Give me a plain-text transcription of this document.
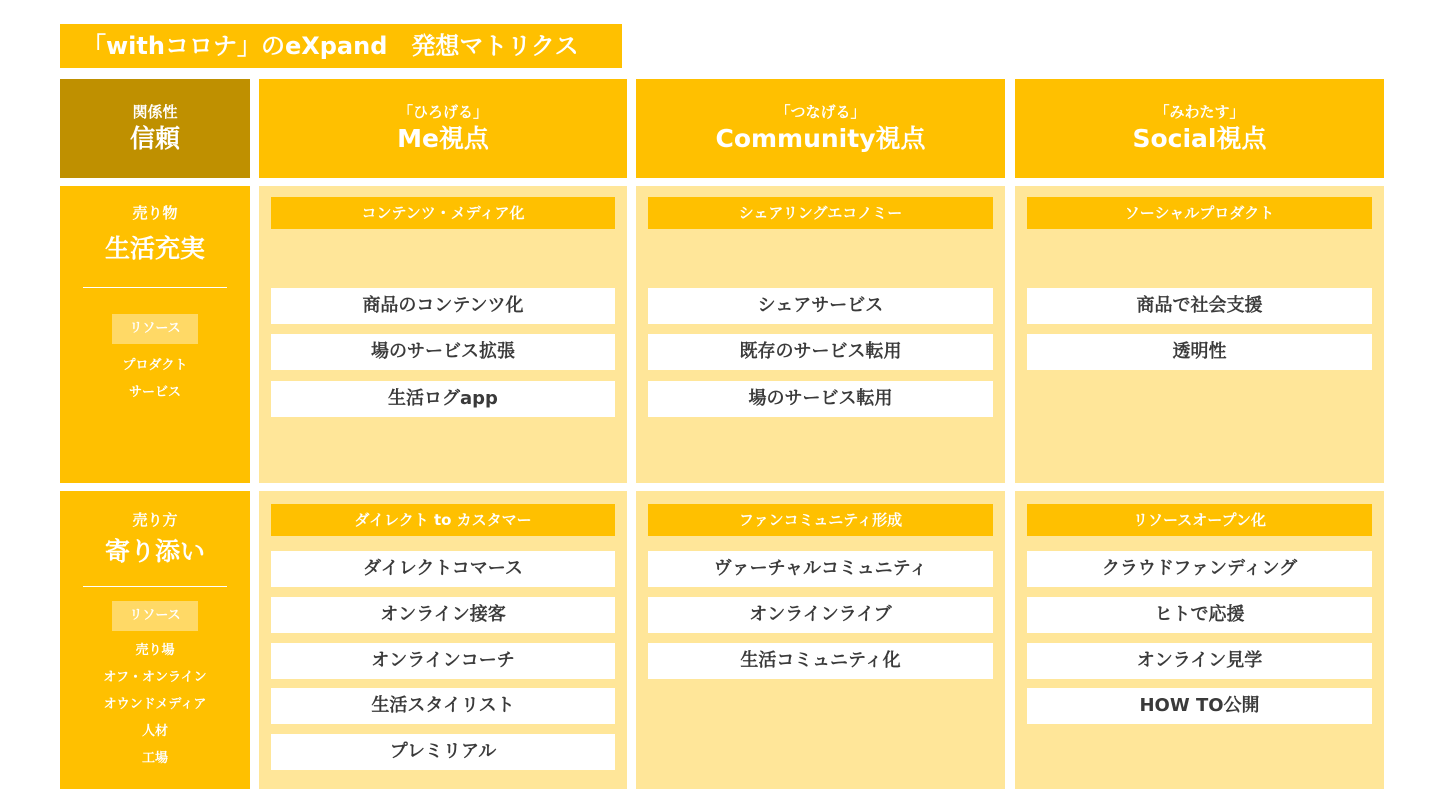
「withコロナ」のeXpand　発想マトリクス
関係性
信頼
「ひろげる」
Me視点
「つなげる」
Community視点
「みわたす」
Social視点
売り物
生活充実
リソース
プロダクト
サービス
コンテンツ・メディア化
商品のコンテンツ化
場のサービス拡張
生活ログapp
シェアリングエコノミー
シェアサービス
既存のサービス転用
場のサービス転用
ソーシャルプロダクト
商品で社会支援
透明性
売り方
寄り添い
リソース
売り場
オフ・オンライン
オウンドメディア
人材
工場
ダイレクト to カスタマー
ダイレクトコマース
オンライン接客
オンラインコーチ
生活スタイリスト
プレミリアル
ファンコミュニティ形成
ヴァーチャルコミュニティ
オンラインライブ
生活コミュニティ化
リソースオープン化
クラウドファンディング
ヒトで応援
オンライン見学
HOW TO公開
